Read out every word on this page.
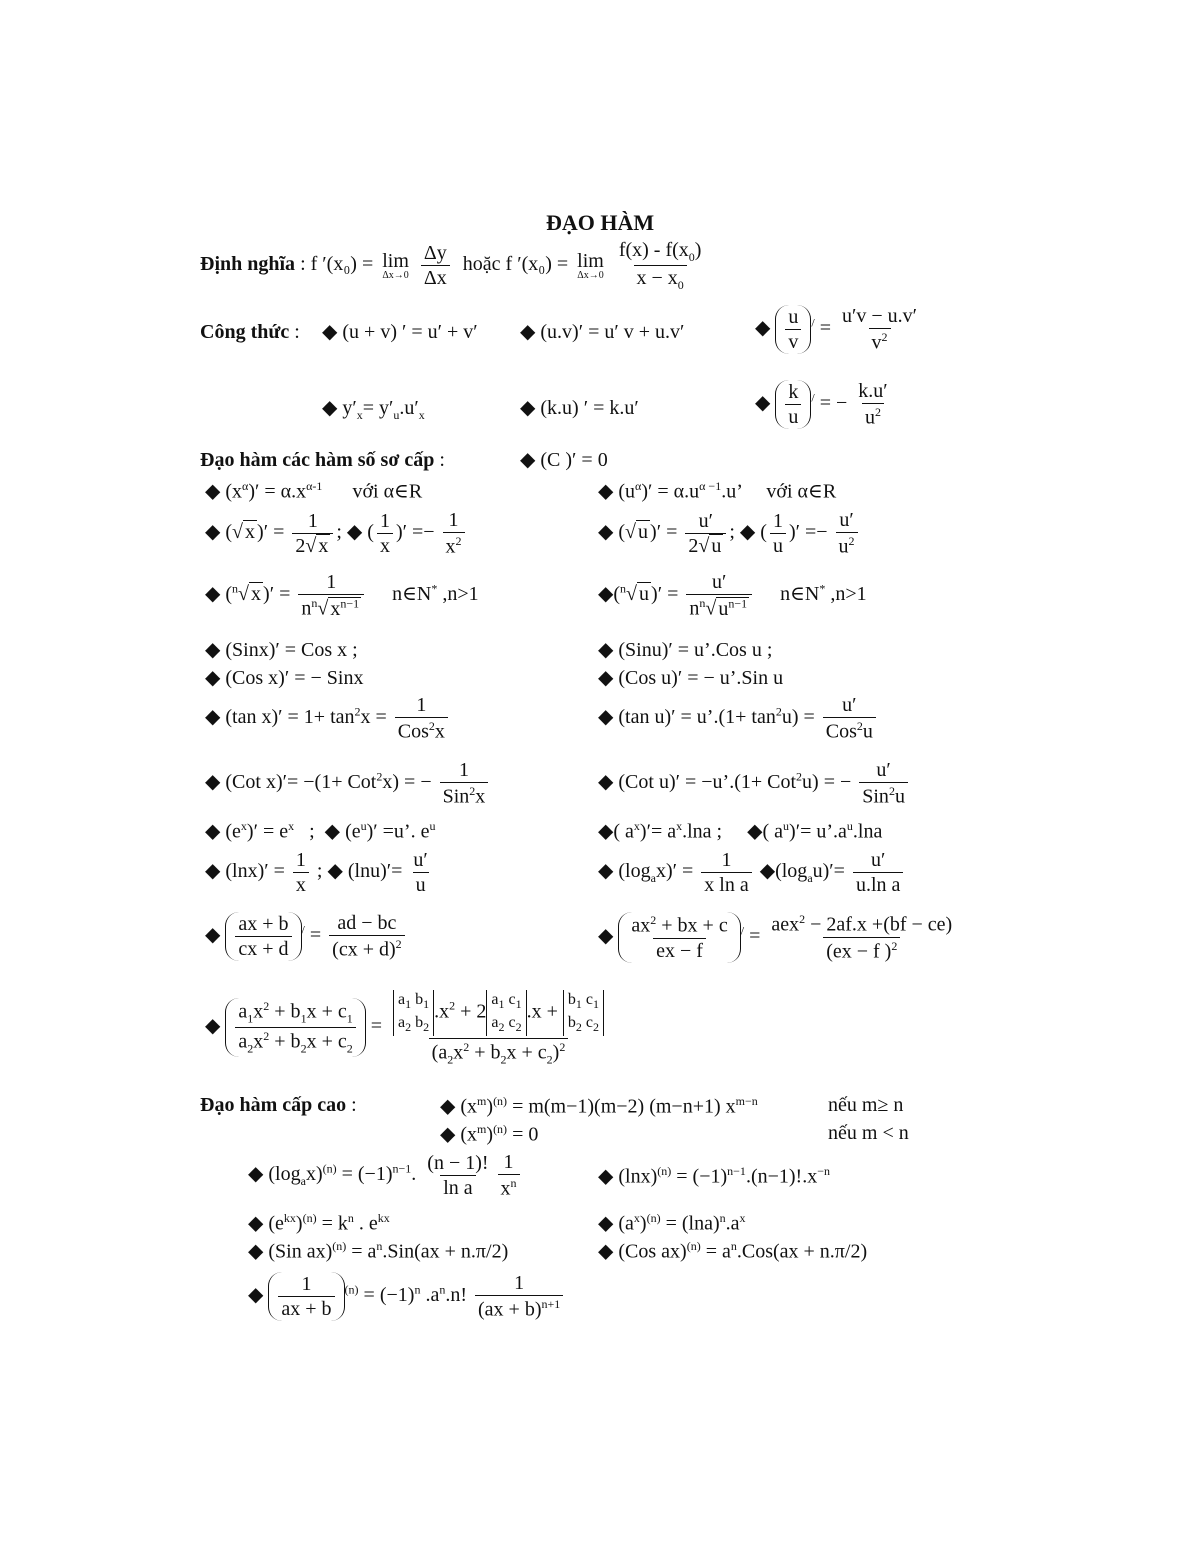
ĐẠO HÀM
Định nghĩa : f ′(x₀) = lim
Δx→0
$\frac{\Delta y}{\Delta x}$ hoặc f ′(x₀) = lim
Δx→0
$\frac{f(x) - f(x_0)}{x - x_0}$
Công thức : ◆ (u + v) ′ = u′ + v′ ◆ (u.v)′ = u′ v + u.v′	◆ $\frac{u}{v} ^/ = \frac{u'v - u.v'}{v^2}$
◆ $y'_x= y'_u.u'_x$	◆ (k.u) ′ = k.u′	◆ $\frac{k}{u} ^/$ = − $\frac{k.u'}{u^2}$
Đạo hàm các hàm số sơ cấp :	◆ (C )′ = 0
◆ $(x^\alpha)' = \alpha.x^{\alpha-1}$ với α∈R	◆ $(u^\alpha)' = \alpha.u^{\alpha -1}.u$’     với α∈R
◆ (√ x )′ = $\frac{1}{2√ x}$ ; ◆ ( $\frac{1}{x}$ )′ =− $\frac{1}{x^2}$	◆ (√ u )′ = $\frac{u'}{2√ u}$ ; ◆ ( $\frac{1}{u}$ )′ =− $\frac{u'}{u^2}$
◆ ($^n$√ x )′ = $\frac{1}{n^n√ x^{n-1}}$ n∈N* ,n>1	◆($^n$√ u )′ = $\frac{u'}{n^n√ u^{n-1}}$ n∈N* ,n>1
◆ (Sinx)′ = Cos x ;	◆ (Sinu)′ = u’.Cos u ;
◆ (Cos x)′ = − Sinx	◆ (Cos u)′ = − u’.Sin u
◆ (tan $x)' = 1+ \tan^2x$ =
1
Cos$^2$x
◆ (tan u)′ = u’.(1+ $\tan^2u$) =
u′
Cos$^2$u
◆ (Cot x)′= −(1+ Cot$^2$x) = −
1
Sin$^2$x
◆ (Cot u)′ = −u’.(1+ Cot$^2$u) = −
u′
Sin$^2$u
◆ $(e^x)' = e^x$   ;  ◆ $(e^u)' =u$’. $e^u$	◆( $a^x)'= a^x.\ln a$ ;     ◆( $a^u)'=$ $u’.a^u.\ln a$
◆ $(\ln x)' = \frac{1}{x}$ ; ◆ $(\ln u)'= \frac{u'}{u}$	◆ $(\log_ax)' = \frac{1}{\text{x ln a}}$ $◆(\log_au)'= \frac{u'}{\text{u.ln a}}$
◆ $\frac{ax + b}{cx + d} ^/ = \frac{ad - bc}{(cx + d)^2}$	◆ $\frac{ax^2 + bx + c}{ex - f} ^/$ =
aex$^2$ − 2af.x +(bf − ce)
(ex − f )$^2$
◆ $\frac{a_1x^2 + b_1x + c_1}{a_2x^2 + b_2x + c_2} = a_1$ $b_1$
$a_2$ $b_2$
$.x^2 + 2$
$a_1$ $c_1$
$a_2$ $c_2$
.x +
$b_1$ $c_1$
$b_2$ $c_2$
$(a_2x^2 + b_2x + c_2)^2$
Đạo hàm cấp cao :	◆ $(x^m)^{(n)} = m(m-1)(m-2)$ (m−n+1) $x^{m-n}$	nếu m≥ n
◆ $(x^m)^{(n)} = 0$	nếu m < n
◆ $(\log_ax)^{(n)} = (-1)^{n-1}$. $\frac{(n - 1)!}{\text{ln a}} \frac{1}{x^n}$	◆ $(\ln x)^{(n)} = (-1)^{n-1}.(n-1)!.x^{-n}$
◆ $(e^{kx})^{(n)} = k^n$ . $e^{kx}$	◆ $(a^x)^{(n)} = (\ln a)^n.a^x$
◆ (Sin $ax)^{(n)} = a^n.Sin(ax + n.\pi/2)$	◆ (Cos $ax)^{(n)} = a^n.Cos(ax + n.\pi/2)$
◆ $\frac{1}{ax + b} ^{(n)} = (-1)^n$ $.a^n.n$! $\frac{1}{(ax + b)^{n+1}}$
